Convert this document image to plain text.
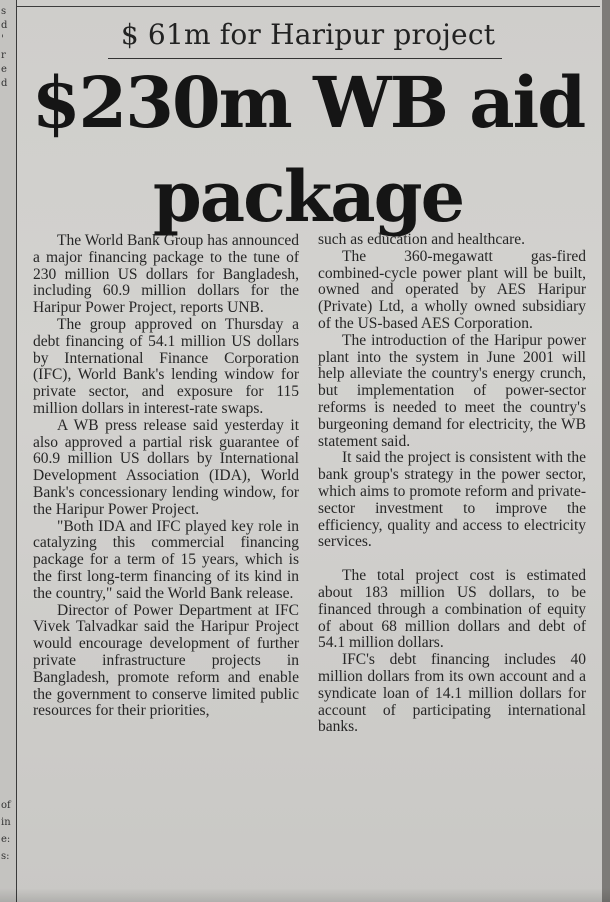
s
d
'
r
e
d
of
in
e:
s:
$ 61m for Haripur project
$230m WB aid package

The World Bank Group has announced a major financing package to the tune of 230 million US dollars for Bangladesh, including 60.9 million dollars for the Haripur Power Project, reports UNB.

The group approved on Thursday a debt financing of 54.1 million US dollars by International Finance Corporation (IFC), World Bank's lending window for private sector, and exposure for 115 million dollars in interest-rate swaps.

A WB press release said yesterday it also approved a partial risk guarantee of 60.9 million US dollars by International Development Association (IDA), World Bank's concessionary lending window, for the Haripur Power Project.

"Both IDA and IFC played key role in catalyzing this commercial financing package for a term of 15 years, which is the first long-term financing of its kind in the country," said the World Bank release.

Director of Power Department at IFC Vivek Talvadkar said the Haripur Project would encourage development of further private infrastructure projects in Bangladesh, promote reform and enable the government to conserve limited public resources for their priorities,

such as education and healthcare.

The 360-megawatt gas-fired combined-cycle power plant will be built, owned and operated by AES Haripur (Private) Ltd, a wholly owned subsidiary of the US-based AES Corporation.

The introduction of the Haripur power plant into the system in June 2001 will help alleviate the country's energy crunch, but implementation of power-sector reforms is needed to meet the country's burgeoning demand for electricity, the WB statement said.

It said the project is consistent with the bank group's strategy in the power sector, which aims to promote reform and private-sector investment to improve the efficiency, quality and access to electricity services.

The total project cost is estimated about 183 million US dollars, to be financed through a combination of equity of about 68 million dollars and debt of 54.1 million dollars.

IFC's debt financing includes 40 million dollars from its own account and a syndicate loan of 14.1 million dollars for account of participating international banks.
